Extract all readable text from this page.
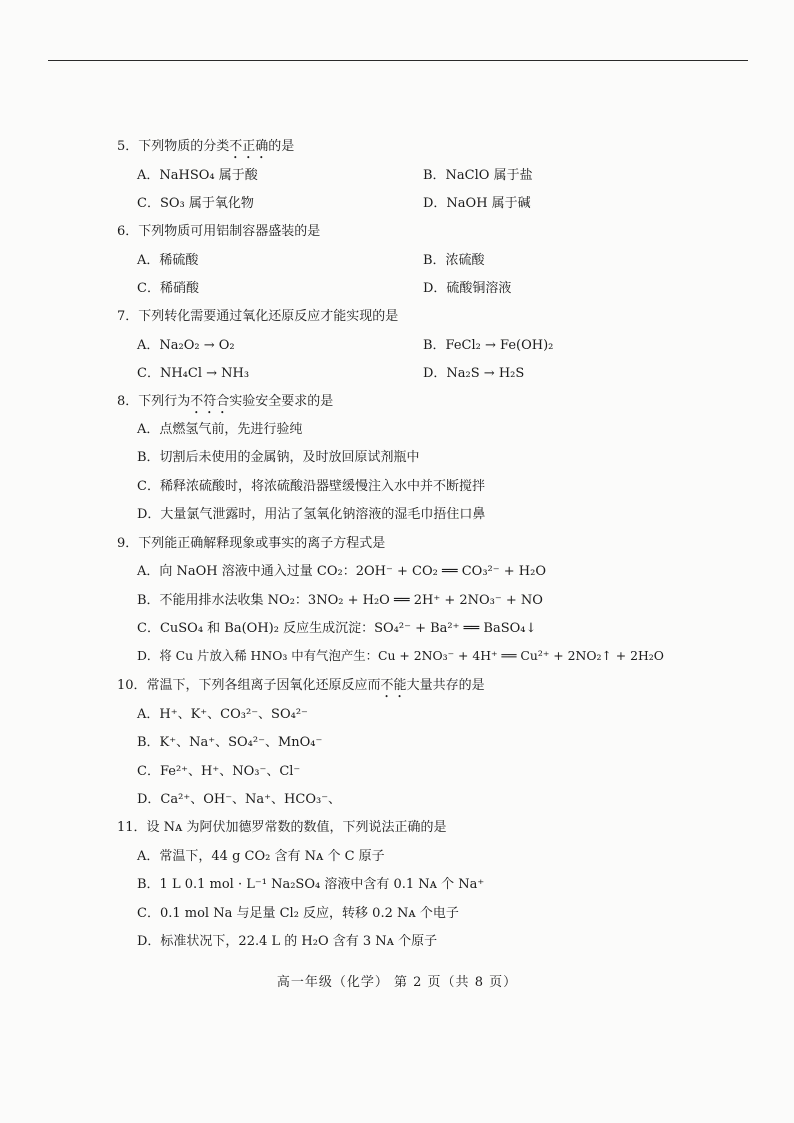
5．下列物质的分类不正确的是
A．NaHSO₄ 属于酸	B．NaClO 属于盐
C．SO₃ 属于氧化物	D．NaOH 属于碱
6．下列物质可用铝制容器盛装的是
A．稀硫酸	B．浓硫酸
C．稀硝酸	D．硫酸铜溶液
7．下列转化需要通过氧化还原反应才能实现的是
A．Na₂O₂ → O₂	B．FeCl₂ → Fe(OH)₂
C．NH₄Cl → NH₃	D．Na₂S → H₂S
8．下列行为不符合实验安全要求的是
A．点燃氢气前，先进行验纯
B．切割后未使用的金属钠，及时放回原试剂瓶中
C．稀释浓硫酸时，将浓硫酸沿器壁缓慢注入水中并不断搅拌
D．大量氯气泄露时，用沾了氢氧化钠溶液的湿毛巾捂住口鼻
9．下列能正确解释现象或事实的离子方程式是
A．向 NaOH 溶液中通入过量 CO₂：2OH⁻ + CO₂ ══ CO₃²⁻ + H₂O
B．不能用排水法收集 NO₂：3NO₂ + H₂O ══ 2H⁺ + 2NO₃⁻ + NO
C．CuSO₄ 和 Ba(OH)₂ 反应生成沉淀：SO₄²⁻ + Ba²⁺ ══ BaSO₄↓
D．将 Cu 片放入稀 HNO₃ 中有气泡产生：Cu + 2NO₃⁻ + 4H⁺ ══ Cu²⁺ + 2NO₂↑ + 2H₂O
10．常温下，下列各组离子因氧化还原反应而不能大量共存的是
A．H⁺、K⁺、CO₃²⁻、SO₄²⁻
B．K⁺、Na⁺、SO₄²⁻、MnO₄⁻
C．Fe²⁺、H⁺、NO₃⁻、Cl⁻
D．Ca²⁺、OH⁻、Na⁺、HCO₃⁻、
11．设 Nᴀ 为阿伏加德罗常数的数值，下列说法正确的是
A．常温下，44 g CO₂ 含有 Nᴀ 个 C 原子
B．1 L 0.1 mol · L⁻¹ Na₂SO₄ 溶液中含有 0.1 Nᴀ 个 Na⁺
C．0.1 mol Na 与足量 Cl₂ 反应，转移 0.2 Nᴀ 个电子
D．标准状况下，22.4 L 的 H₂O 含有 3 Nᴀ 个原子
高一年级（化学） 第 2 页（共 8 页）
